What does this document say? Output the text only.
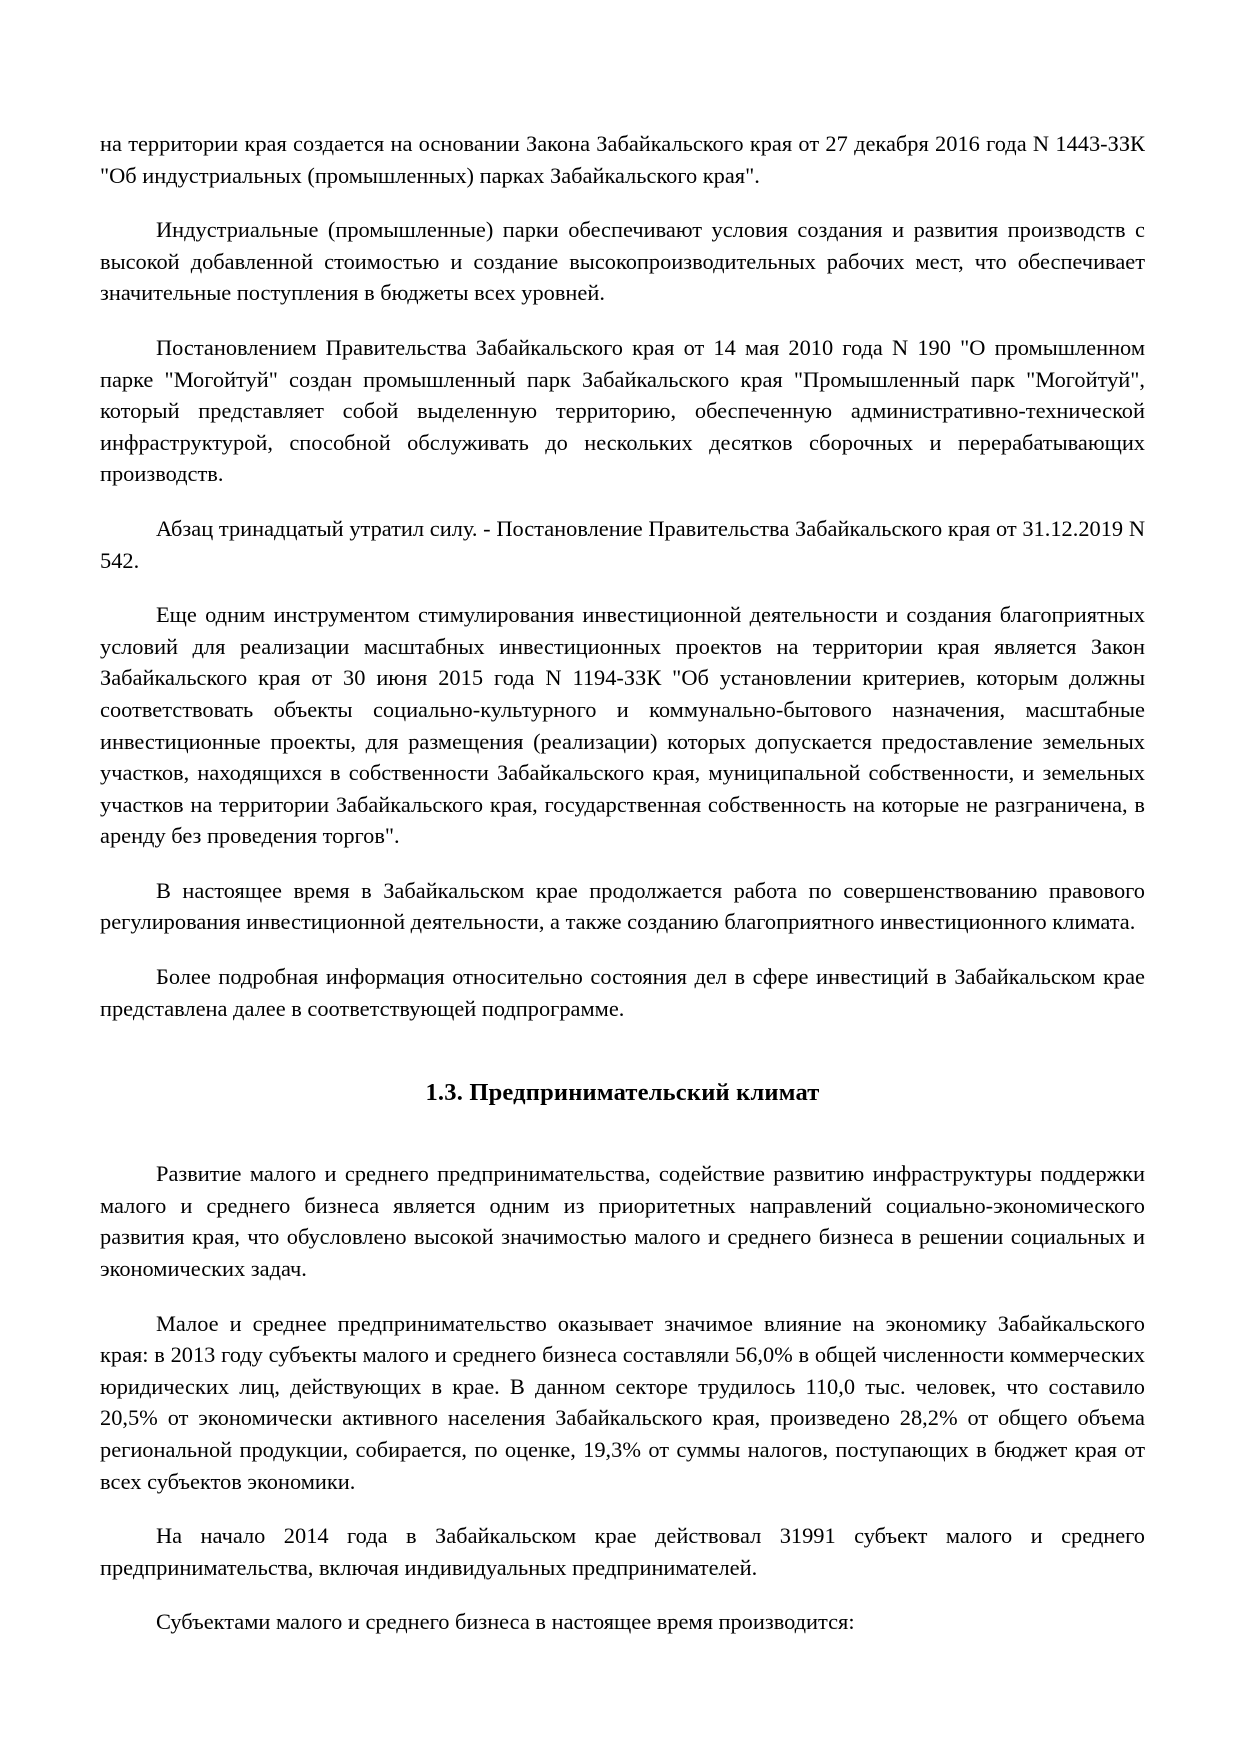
на территории края создается на основании Закона Забайкальского края от 27 декабря 2016 года N 1443-ЗЗК "Об индустриальных (промышленных) парках Забайкальского края".

Индустриальные (промышленные) парки обеспечивают условия создания и развития производств с высокой добавленной стоимостью и создание высокопроизводительных рабочих мест, что обеспечивает значительные поступления в бюджеты всех уровней.

Постановлением Правительства Забайкальского края от 14 мая 2010 года N 190 "О промышленном парке "Могойтуй" создан промышленный парк Забайкальского края "Промышленный парк "Могойтуй", который представляет собой выделенную территорию, обеспеченную административно-технической инфраструктурой, способной обслуживать до нескольких десятков сборочных и перерабатывающих производств.

Абзац тринадцатый утратил силу. - Постановление Правительства Забайкальского края от 31.12.2019 N 542.

Еще одним инструментом стимулирования инвестиционной деятельности и создания благоприятных условий для реализации масштабных инвестиционных проектов на территории края является Закон Забайкальского края от 30 июня 2015 года N 1194-ЗЗК "Об установлении критериев, которым должны соответствовать объекты социально-культурного и коммунально-бытового назначения, масштабные инвестиционные проекты, для размещения (реализации) которых допускается предоставление земельных участков, находящихся в собственности Забайкальского края, муниципальной собственности, и земельных участков на территории Забайкальского края, государственная собственность на которые не разграничена, в аренду без проведения торгов".

В настоящее время в Забайкальском крае продолжается работа по совершенствованию правового регулирования инвестиционной деятельности, а также созданию благоприятного инвестиционного климата.

Более подробная информация относительно состояния дел в сфере инвестиций в Забайкальском крае представлена далее в соответствующей подпрограмме.

1.3. Предпринимательский климат

Развитие малого и среднего предпринимательства, содействие развитию инфраструктуры поддержки малого и среднего бизнеса является одним из приоритетных направлений социально-экономического развития края, что обусловлено высокой значимостью малого и среднего бизнеса в решении социальных и экономических задач.

Малое и среднее предпринимательство оказывает значимое влияние на экономику Забайкальского края: в 2013 году субъекты малого и среднего бизнеса составляли 56,0% в общей численности коммерческих юридических лиц, действующих в крае. В данном секторе трудилось 110,0 тыс. человек, что составило 20,5% от экономически активного населения Забайкальского края, произведено 28,2% от общего объема региональной продукции, собирается, по оценке, 19,3% от суммы налогов, поступающих в бюджет края от всех субъектов экономики.

На начало 2014 года в Забайкальском крае действовал 31991 субъект малого и среднего предпринимательства, включая индивидуальных предпринимателей.

Субъектами малого и среднего бизнеса в настоящее время производится:
